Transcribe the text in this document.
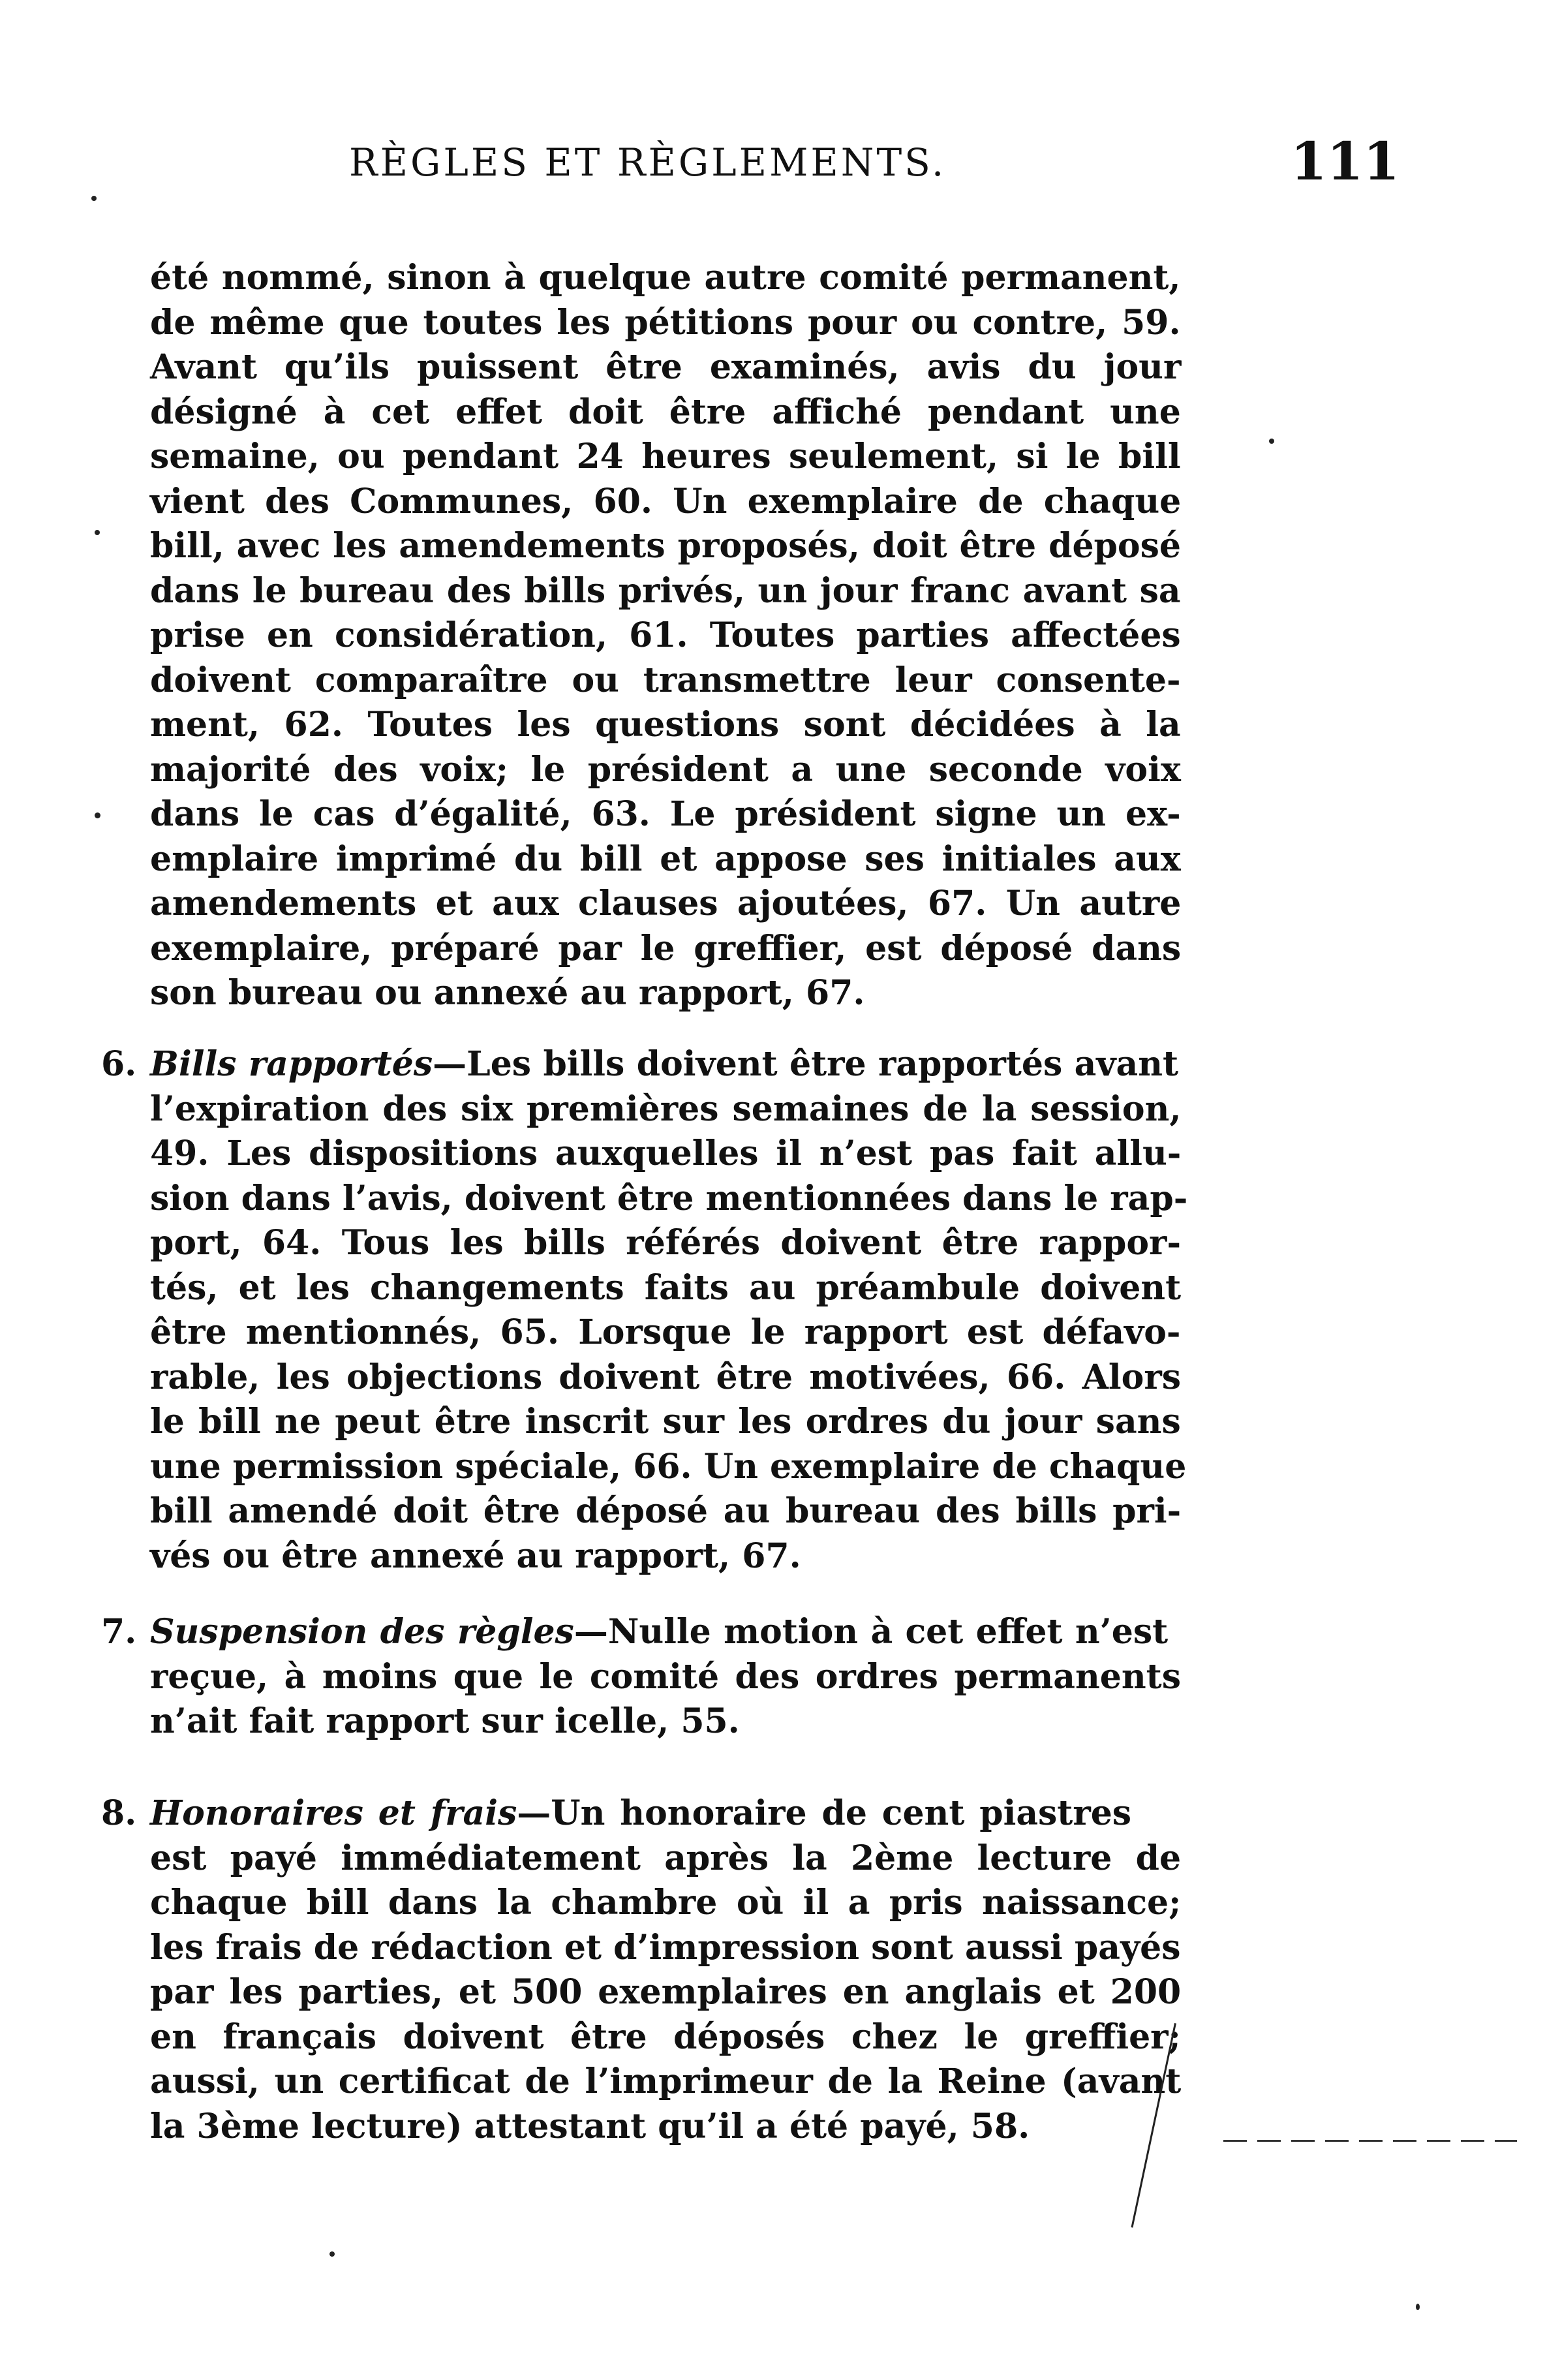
RÈGLES ET RÈGLEMENTS.	111
été nommé, sinon à quelque autre comité permanent,
de même que toutes les pétitions pour ou contre, 59.
Avant qu’ils puissent être examinés, avis du jour
désigné à cet effet doit être affiché pendant une
semaine, ou pendant 24 heures seulement, si le bill
vient des Communes, 60. Un exemplaire de chaque
bill, avec les amendements proposés, doit être déposé
dans le bureau des bills privés, un jour franc avant sa
prise en considération, 61. Toutes parties affectées
doivent comparaître ou transmettre leur consente-
ment, 62. Toutes les questions sont décidées à la
majorité des voix; le président a une seconde voix
dans le cas d’égalité, 63. Le président signe un ex-
emplaire imprimé du bill et appose ses initiales aux
amendements et aux clauses ajoutées, 67. Un autre
exemplaire, préparé par le greffier, est déposé dans
son bureau ou annexé au rapport, 67.
6. Bills rapportés—Les bills doivent être rapportés avant
l’expiration des six premières semaines de la session,
49. Les dispositions auxquelles il n’est pas fait allu-
sion dans l’avis, doivent être mentionnées dans le rap-
port, 64. Tous les bills référés doivent être rappor-
tés, et les changements faits au préambule doivent
être mentionnés, 65. Lorsque le rapport est défavo-
rable, les objections doivent être motivées, 66. Alors
le bill ne peut être inscrit sur les ordres du jour sans
une permission spéciale, 66. Un exemplaire de chaque
bill amendé doit être déposé au bureau des bills pri-
vés ou être annexé au rapport, 67.
7. Suspension des règles—Nulle motion à cet effet n’est
reçue, à moins que le comité des ordres permanents
n’ait fait rapport sur icelle, 55.
8. Honoraires et frais—Un honoraire de cent piastres
est payé immédiatement après la 2ème lecture de
chaque bill dans la chambre où il a pris naissance;
les frais de rédaction et d’impression sont aussi payés
par les parties, et 500 exemplaires en anglais et 200
en français doivent être déposés chez le greffier;
aussi, un certificat de l’imprimeur de la Reine (avant
la 3ème lecture) attestant qu’il a été payé, 58.
